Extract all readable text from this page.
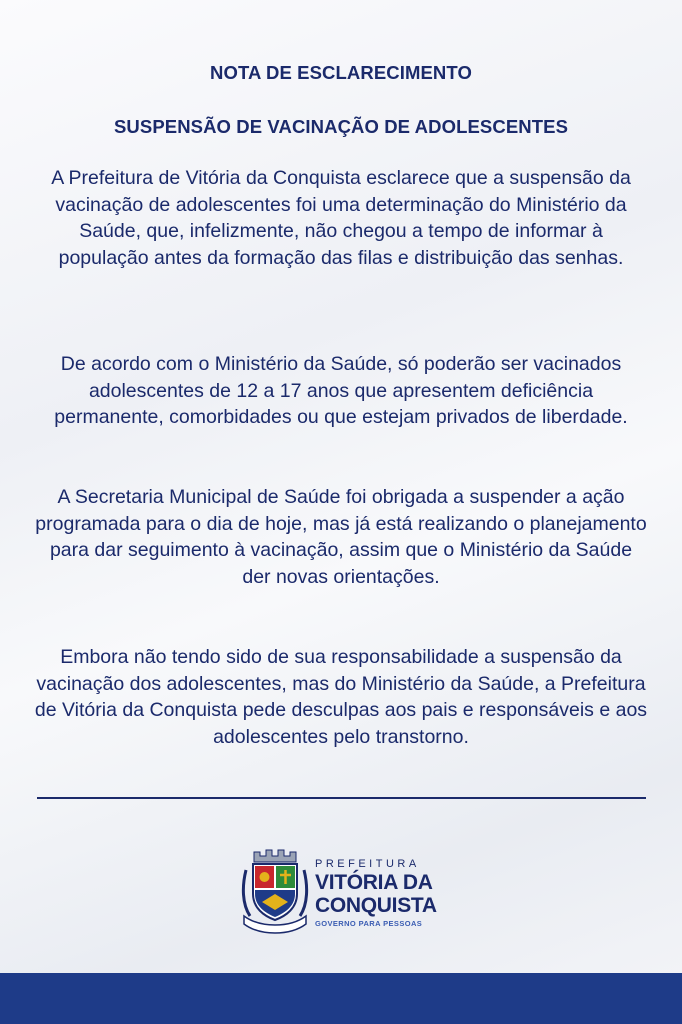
NOTA DE ESCLARECIMENTO
SUSPENSÃO DE VACINAÇÃO DE ADOLESCENTES

A Prefeitura de Vitória da Conquista esclarece que a suspensão da vacinação de adolescentes foi uma determinação do Ministério da Saúde, que, infelizmente, não chegou a tempo de informar à população antes da formação das filas e distribuição das senhas.

De acordo com o Ministério da Saúde, só poderão ser vacinados adolescentes de 12 a 17 anos que apresentem deficiência permanente, comorbidades ou que estejam privados de liberdade.

A Secretaria Municipal de Saúde foi obrigada a suspender a ação programada para o dia de hoje, mas já está realizando o planejamento para dar seguimento à vacinação, assim que o Ministério da Saúde der novas orientações.

Embora não tendo sido de sua responsabilidade a suspensão da vacinação dos adolescentes, mas do Ministério da Saúde, a Prefeitura de Vitória da Conquista pede desculpas aos pais e responsáveis e aos adolescentes pelo transtorno.

PREFEITURA
VITÓRIA DA
CONQUISTA
GOVERNO PARA PESSOAS
